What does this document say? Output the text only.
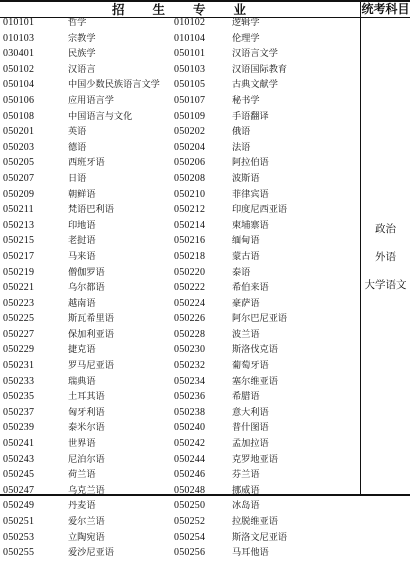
招 生 专 业	统考科目
010101	哲学	010102	逻辑学
010103	宗教学	010104	伦理学
030401	民族学	050101	汉语言文学
050102	汉语言	050103	汉语国际教育
050104	中国少数民族语言文学 050105	古典文献学
050106	应用语言学	050107	秘书学
050108	中国语言与文化	050109	手语翻译
050201	英语	050202	俄语
050203	德语	050204	法语
050205	西班牙语	050206	阿拉伯语
050207	日语	050208	波斯语
050209	朝鲜语	050210	菲律宾语
050211	梵语巴利语	050212	印度尼西亚语
050213	印地语	050214	柬埔寨语
050215	老挝语	050216	缅甸语
050217	马来语	050218	蒙古语
050219	僧伽罗语	050220	泰语
050221	乌尔都语	050222	希伯来语
050223	越南语	050224	豪萨语
050225	斯瓦希里语	050226	阿尔巴尼亚语
050227	保加利亚语	050228	波兰语
050229	捷克语	050230	斯洛伐克语
050231	罗马尼亚语	050232	葡萄牙语
050233	瑞典语	050234	塞尔维亚语
050235	土耳其语	050236	希腊语
050237	匈牙利语	050238	意大利语
050239	泰米尔语	050240	普什图语
050241	世界语	050242	孟加拉语
050243	尼泊尔语	050244	克罗地亚语
050245	荷兰语	050246	芬兰语
050247	乌克兰语	050248	挪威语
050249	丹麦语	050250	冰岛语
050251	爱尔兰语	050252	拉脱维亚语
050253	立陶宛语	050254	斯洛文尼亚语
050255	爱沙尼亚语	050256	马耳他语
政治
外语
大学语文
